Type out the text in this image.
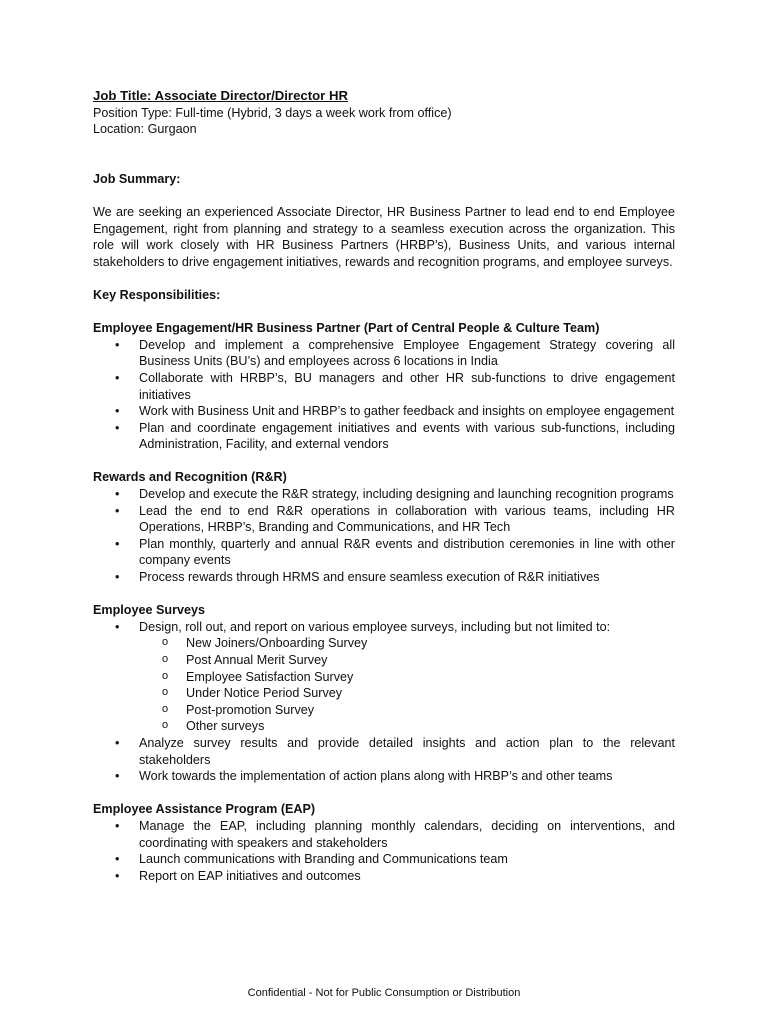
Job Title: Associate Director/Director HR
Position Type: Full-time (Hybrid, 3 days a week work from office)
Location: Gurgaon
Job Summary:
We are seeking an experienced Associate Director, HR Business Partner to lead end to end Employee Engagement, right from planning and strategy to a seamless execution across the organization. This role will work closely with HR Business Partners (HRBP’s), Business Units, and various internal stakeholders to drive engagement initiatives, rewards and recognition programs, and employee surveys.
Key Responsibilities:
Employee Engagement/HR Business Partner (Part of Central People & Culture Team)
• Develop and implement a comprehensive Employee Engagement Strategy covering all Business Units (BU’s) and employees across 6 locations in India
• Collaborate with HRBP’s, BU managers and other HR sub-functions to drive engagement initiatives
• Work with Business Unit and HRBP’s to gather feedback and insights on employee engagement
• Plan and coordinate engagement initiatives and events with various sub-functions, including Administration, Facility, and external vendors
Rewards and Recognition (R&R)
• Develop and execute the R&R strategy, including designing and launching recognition programs
• Lead the end to end R&R operations in collaboration with various teams, including HR Operations, HRBP’s, Branding and Communications, and HR Tech
• Plan monthly, quarterly and annual R&R events and distribution ceremonies in line with other company events
• Process rewards through HRMS and ensure seamless execution of R&R initiatives
Employee Surveys
• Design, roll out, and report on various employee surveys, including but not limited to:
o New Joiners/Onboarding Survey
o Post Annual Merit Survey
o Employee Satisfaction Survey
o Under Notice Period Survey
o Post-promotion Survey
o Other surveys
• Analyze survey results and provide detailed insights and action plan to the relevant stakeholders
• Work towards the implementation of action plans along with HRBP’s and other teams
Employee Assistance Program (EAP)
• Manage the EAP, including planning monthly calendars, deciding on interventions, and coordinating with speakers and stakeholders
• Launch communications with Branding and Communications team
• Report on EAP initiatives and outcomes
Confidential - Not for Public Consumption or Distribution
